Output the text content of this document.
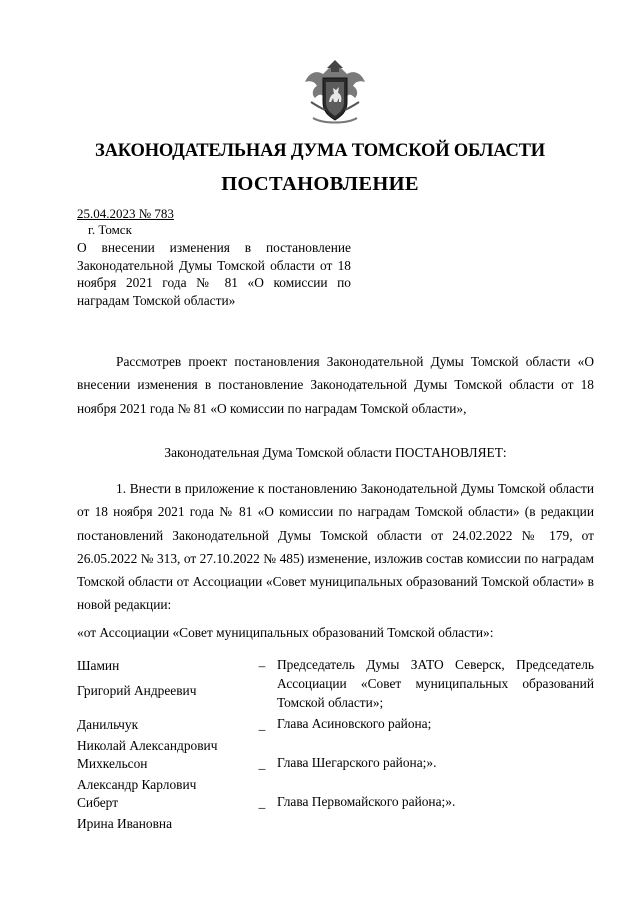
ЗАКОНОДАТЕЛЬНАЯ ДУМА ТОМСКОЙ ОБЛАСТИ
ПОСТАНОВЛЕНИЕ
25.04.2023 № 783
г. Томск
О внесении изменения в постановление Законодательной Думы Томской области от 18 ноября 2021 года № 81 «О комиссии по наградам Томской области»
Рассмотрев проект постановления Законодательной Думы Томской области «О внесении изменения в постановление Законодательной Думы Томской области от 18 ноября 2021 года № 81 «О комиссии по наградам Томской области»,
Законодательная Дума Томской области ПОСТАНОВЛЯЕТ:
1. Внести в приложение к постановлению Законодательной Думы Томской области от 18 ноября 2021 года № 81 «О комиссии по наградам Томской области» (в редакции постановлений Законодательной Думы Томской области от 24.02.2022 № 179, от 26.05.2022 № 313, от 27.10.2022 № 485) изменение, изложив состав комиссии по наградам Томской области от Ассоциации «Совет муниципальных образований Томской области» в новой редакции:
«от Ассоциации «Совет муниципальных образований Томской области»:
Шамин
Григорий Андреевич
– Председатель Думы ЗАТО Северск, Председатель Ассоциации «Совет муниципальных образований Томской области»;
Данильчук
Николай Александрович
_ Глава Асиновского района;
Михкельсон
Александр Карлович
_ Глава Шегарского района;».
Сиберт
Ирина Ивановна
_ Глава Первомайского района;».
